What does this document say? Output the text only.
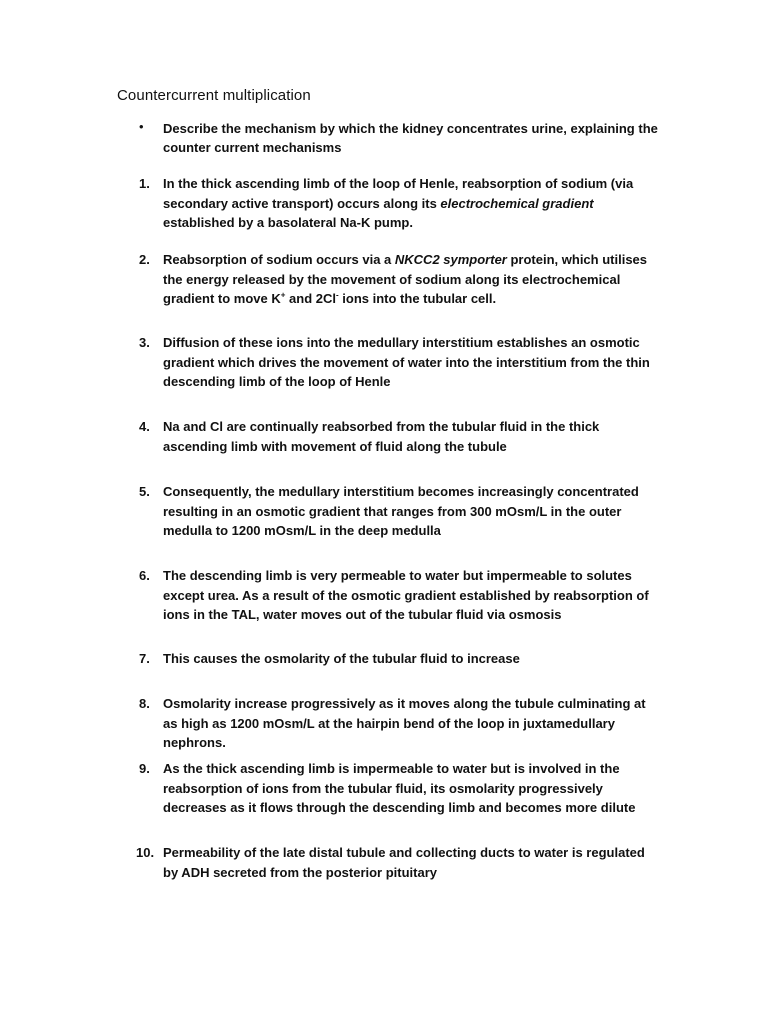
Countercurrent multiplication
• Describe the mechanism by which the kidney concentrates urine, explaining the
counter current mechanisms
1. In the thick ascending limb of the loop of Henle, reabsorption of sodium (via secondary active transport) occurs along its electrochemical gradient established by a basolateral Na-K pump.
2. Reabsorption of sodium occurs via a NKCC2 symporter protein, which utilises the energy released by the movement of sodium along its electrochemical gradient to move K+ and 2Cl- ions into the tubular cell.
3. Diffusion of these ions into the medullary interstitium establishes an osmotic gradient which drives the movement of water into the interstitium from the thin descending limb of the loop of Henle
4. Na and Cl are continually reabsorbed from the tubular fluid in the thick ascending limb with movement of fluid along the tubule
5. Consequently, the medullary interstitium becomes increasingly concentrated resulting in an osmotic gradient that ranges from 300 mOsm/L in the outer medulla to 1200 mOsm/L in the deep medulla
6. The descending limb is very permeable to water but impermeable to solutes except urea. As a result of the osmotic gradient established by reabsorption of ions in the TAL, water moves out of the tubular fluid via osmosis
7. This causes the osmolarity of the tubular fluid to increase
8. Osmolarity increase progressively as it moves along the tubule culminating at as high as 1200 mOsm/L at the hairpin bend of the loop in juxtamedullary nephrons.
9. As the thick ascending limb is impermeable to water but is involved in the reabsorption of ions from the tubular fluid, its osmolarity progressively decreases as it flows through the descending limb and becomes more dilute
10. Permeability of the late distal tubule and collecting ducts to water is regulated by ADH secreted from the posterior pituitary
